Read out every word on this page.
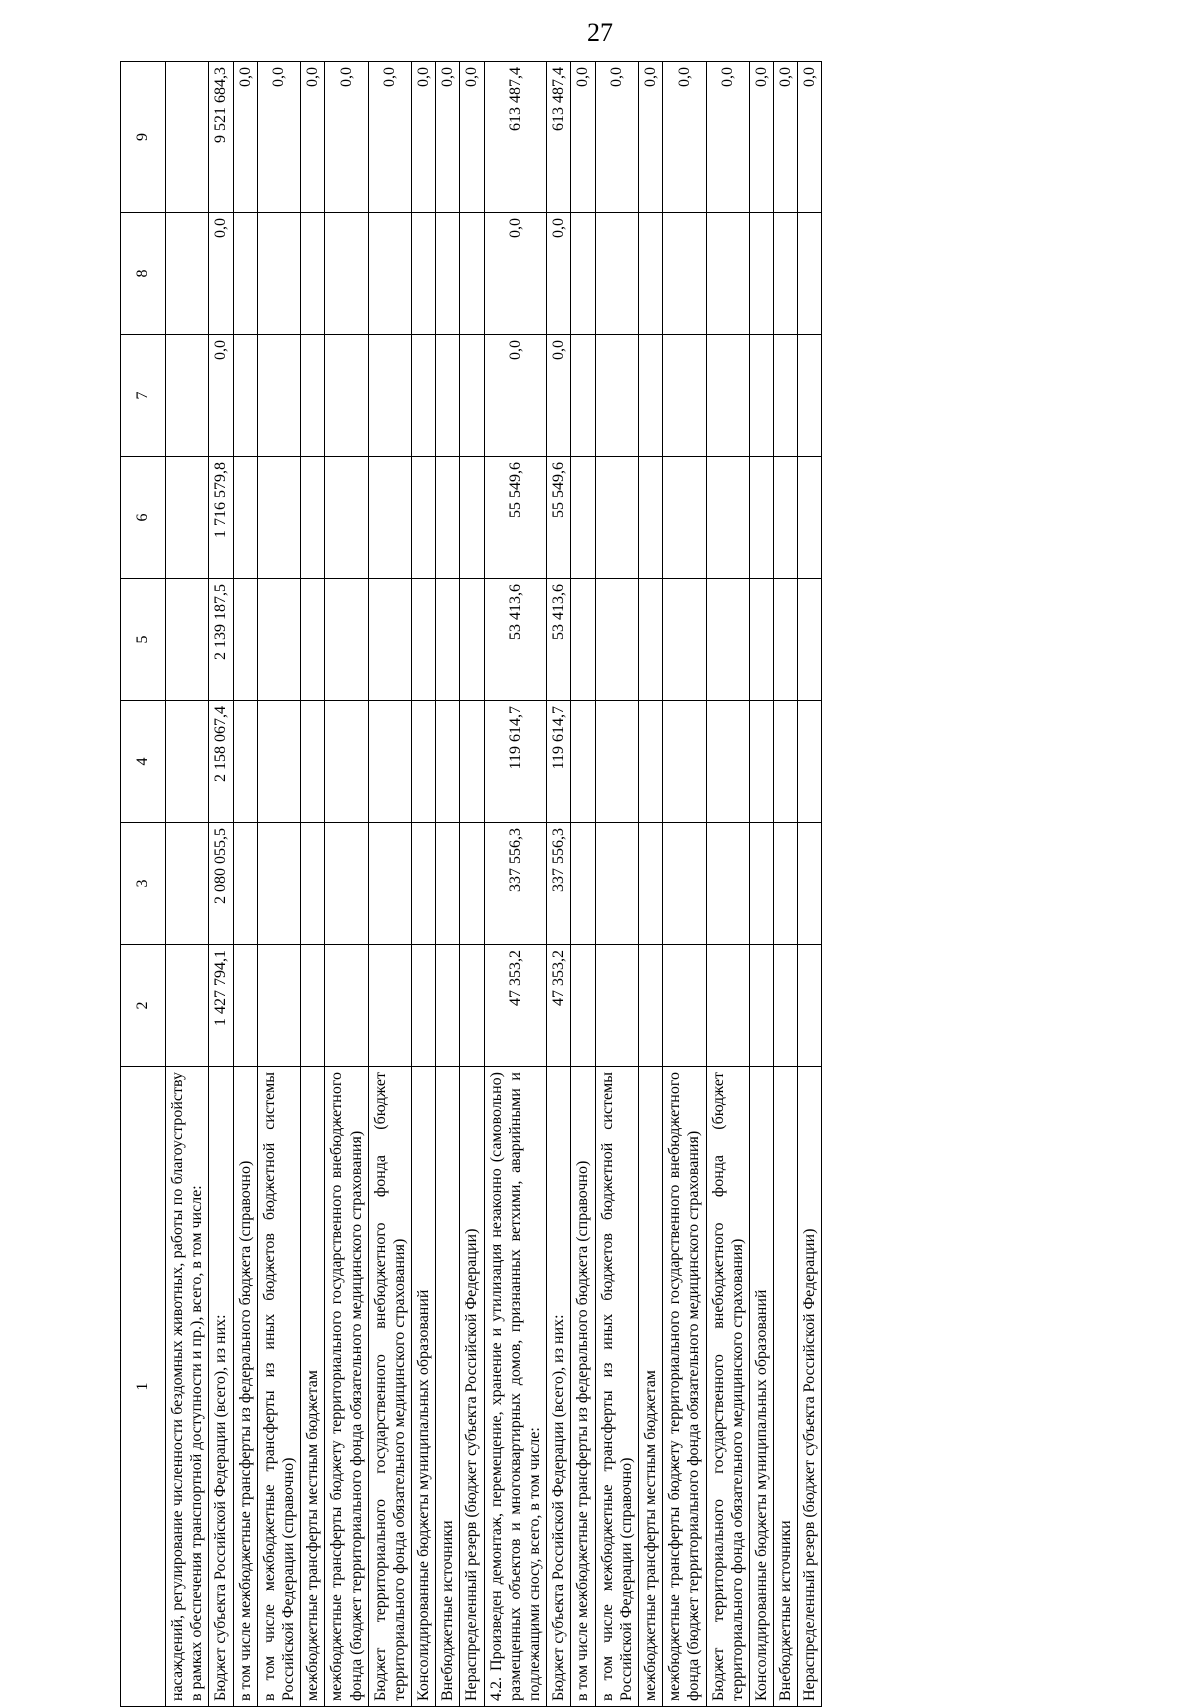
27
1	2	3	4	5	6	7	8	9
насаждений, регулирование численности бездомных животных, работы по благоустройству в рамках обеспечения транспортной доступности и пр.), всего, в том числе:								
Бюджет субъекта Российской Федерации (всего), из них:	1 427 794,1	2 080 055,5	2 158 067,4	2 139 187,5	1 716 579,8	0,0	0,0	9 521 684,3
в том числе межбюджетные трансферты из федерального бюджета (справочно)								0,0
в том числе межбюджетные трансферты из иных бюджетов бюджетной системы Российской Федерации (справочно)								0,0
межбюджетные трансферты местным бюджетам								0,0
межбюджетные трансферты бюджету территориального государственного внебюджетного фонда (бюджет территориального фонда обязательного медицинского страхования)								0,0
Бюджет территориального государственного внебюджетного фонда (бюджет территориального фонда обязательного медицинского страхования)								0,0
Консолидированные бюджеты муниципальных образований								0,0
Внебюджетные источники								0,0
Нераспределенный резерв (бюджет субъекта Российской Федерации)								0,0
4.2. Произведен демонтаж, перемещение, хранение и утилизация незаконно (самовольно) размещенных объектов и многоквартирных домов, признанных ветхими, аварийными и подлежащими сносу, всего, в том числе:	47 353,2	337 556,3	119 614,7	53 413,6	55 549,6	0,0	0,0	613 487,4
Бюджет субъекта Российской Федерации (всего), из них:	47 353,2	337 556,3	119 614,7	53 413,6	55 549,6	0,0	0,0	613 487,4
в том числе межбюджетные трансферты из федерального бюджета (справочно)								0,0
в том числе межбюджетные трансферты из иных бюджетов бюджетной системы Российской Федерации (справочно)								0,0
межбюджетные трансферты местным бюджетам								0,0
межбюджетные трансферты бюджету территориального государственного внебюджетного фонда (бюджет территориального фонда обязательного медицинского страхования)								0,0
Бюджет территориального государственного внебюджетного фонда (бюджет территориального фонда обязательного медицинского страхования)								0,0
Консолидированные бюджеты муниципальных образований								0,0
Внебюджетные источники								0,0
Нераспределенный резерв (бюджет субъекта Российской Федерации)								0,0
